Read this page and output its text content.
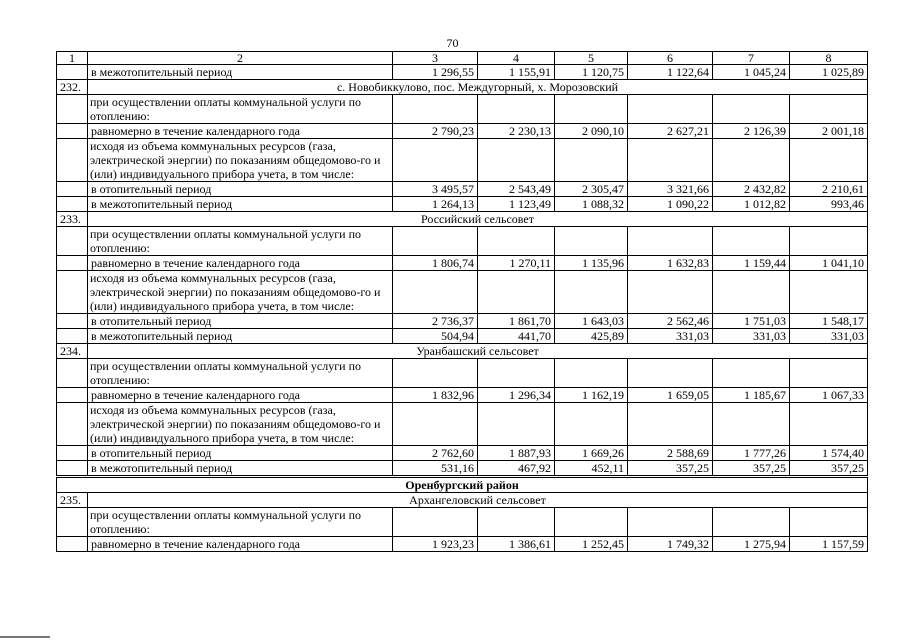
70
1	2	3	4	5	6	7	8
	в межотопительный период	1 296,55	1 155,91	1 120,75	1 122,64	1 045,24	1 025,89
232.	с. Новобиккулово, пос. Междугорный, х. Морозовский						
	при осуществлении оплаты коммунальной услуги по отоплению:						
	равномерно в течение календарного года	2 790,23	2 230,13	2 090,10	2 627,21	2 126,39	2 001,18
	исходя из объема коммунальных ресурсов (газа, электрической энергии) по показаниям общедомово-го и (или) индивидуального прибора учета, в том числе:						
	в отопительный период	3 495,57	2 543,49	2 305,47	3 321,66	2 432,82	2 210,61
	в межотопительный период	1 264,13	1 123,49	1 088,32	1 090,22	1 012,82	993,46
233.	Российский сельсовет						
	при осуществлении оплаты коммунальной услуги по отоплению:						
	равномерно в течение календарного года	1 806,74	1 270,11	1 135,96	1 632,83	1 159,44	1 041,10
	исходя из объема коммунальных ресурсов (газа, электрической энергии) по показаниям общедомово-го и (или) индивидуального прибора учета, в том числе:						
	в отопительный период	2 736,37	1 861,70	1 643,03	2 562,46	1 751,03	1 548,17
	в межотопительный период	504,94	441,70	425,89	331,03	331,03	331,03
234.	Уранбашский сельсовет						
	при осуществлении оплаты коммунальной услуги по отоплению:						
	равномерно в течение календарного года	1 832,96	1 296,34	1 162,19	1 659,05	1 185,67	1 067,33
	исходя из объема коммунальных ресурсов (газа, электрической энергии) по показаниям общедомово-го и (или) индивидуального прибора учета, в том числе:						
	в отопительный период	2 762,60	1 887,93	1 669,26	2 588,69	1 777,26	1 574,40
	в межотопительный период	531,16	467,92	452,11	357,25	357,25	357,25
Оренбургский район							
235.	Архангеловский сельсовет						
	при осуществлении оплаты коммунальной услуги по отоплению:						
	равномерно в течение календарного года	1 923,23	1 386,61	1 252,45	1 749,32	1 275,94	1 157,59
